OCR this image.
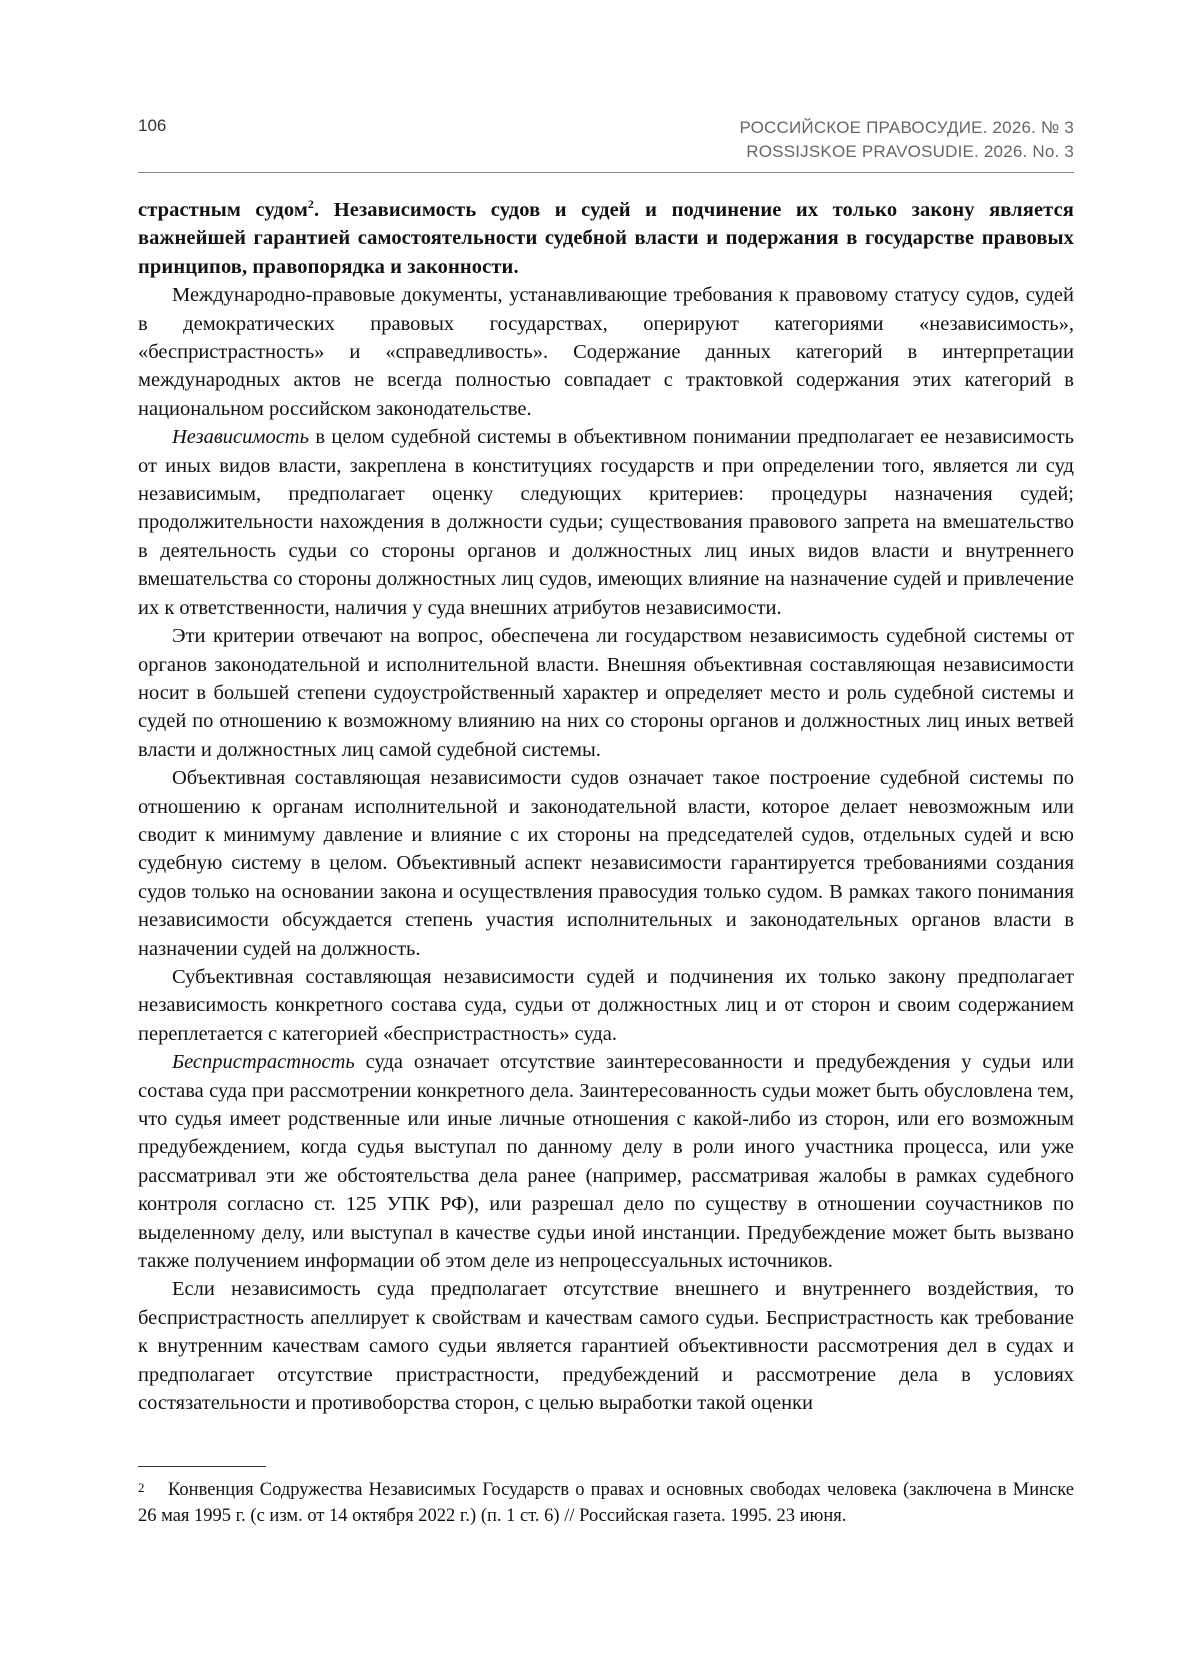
106	РОССИЙСКОЕ ПРАВОСУДИЕ. 2026. № 3
ROSSIJSKOE PRAVOSUDIE. 2026. No. 3

страстным судом$^2$. Независимость судов и судей и подчинение их только закону является важнейшей гарантией самостоятельности судебной власти и подержания в государстве правовых принципов, правопорядка и законности.

Международно-правовые документы, устанавливающие требования к правовому статусу судов, судей в демократических правовых государствах, оперируют категориями «независимость», «беспристрастность» и «справедливость». Содержание данных категорий в интерпретации международных актов не всегда полностью совпадает с трактовкой содержания этих категорий в национальном российском законодательстве.

Независимость в целом судебной системы в объективном понимании предполагает ее независимость от иных видов власти, закреплена в конституциях государств и при определении того, является ли суд независимым, предполагает оценку следующих критериев: процедуры назначения судей; продолжительности нахождения в должности судьи; существования правового запрета на вмешательство в деятельность судьи со стороны органов и должностных лиц иных видов власти и внутреннего вмешательства со стороны должностных лиц судов, имеющих влияние на назначение судей и привлечение их к ответственности, наличия у суда внешних атрибутов независимости.

Эти критерии отвечают на вопрос, обеспечена ли государством независимость судебной системы от органов законодательной и исполнительной власти. Внешняя объективная составляющая независимости носит в большей степени судоустройственный характер и определяет место и роль судебной системы и судей по отношению к возможному влиянию на них со стороны органов и должностных лиц иных ветвей власти и должностных лиц самой судебной системы.

Объективная составляющая независимости судов означает такое построение судебной системы по отношению к органам исполнительной и законодательной власти, которое делает невозможным или сводит к минимуму давление и влияние с их стороны на председателей судов, отдельных судей и всю судебную систему в целом. Объективный аспект независимости гарантируется требованиями создания судов только на основании закона и осуществления правосудия только судом. В рамках такого понимания независимости обсуждается степень участия исполнительных и законодательных органов власти в назначении судей на должность.

Субъективная составляющая независимости судей и подчинения их только закону предполагает независимость конкретного состава суда, судьи от должностных лиц и от сторон и своим содержанием переплетается с категорией «беспристрастность» суда.

Беспристрастность суда означает отсутствие заинтересованности и предубеждения у судьи или состава суда при рассмотрении конкретного дела. Заинтересованность судьи может быть обусловлена тем, что судья имеет родственные или иные личные отношения с какой-либо из сторон, или его возможным предубеждением, когда судья выступал по данному делу в роли иного участника процесса, или уже рассматривал эти же обстоятельства дела ранее (например, рассматривая жалобы в рамках судебного контроля согласно ст. 125 УПК РФ), или разрешал дело по существу в отношении соучастников по выделенному делу, или выступал в качестве судьи иной инстанции. Предубеждение может быть вызвано также получением информации об этом деле из непроцессуальных источников.

Если независимость суда предполагает отсутствие внешнего и внутреннего воздействия, то беспристрастность апеллирует к свойствам и качествам самого судьи. Беспристрастность как требование к внутренним качествам самого судьи является гарантией объективности рассмотрения дел в судах и предполагает отсутствие пристрастности, предубеждений и рассмотрение дела в условиях состязательности и противоборства сторон, с целью выработки такой оценки

2 Конвенция Содружества Независимых Государств о правах и основных свободах человека (заключена в Минске 26 мая 1995 г. (с изм. от 14 октября 2022 г.) (п. 1 ст. 6) // Российская газета. 1995. 23 июня.
